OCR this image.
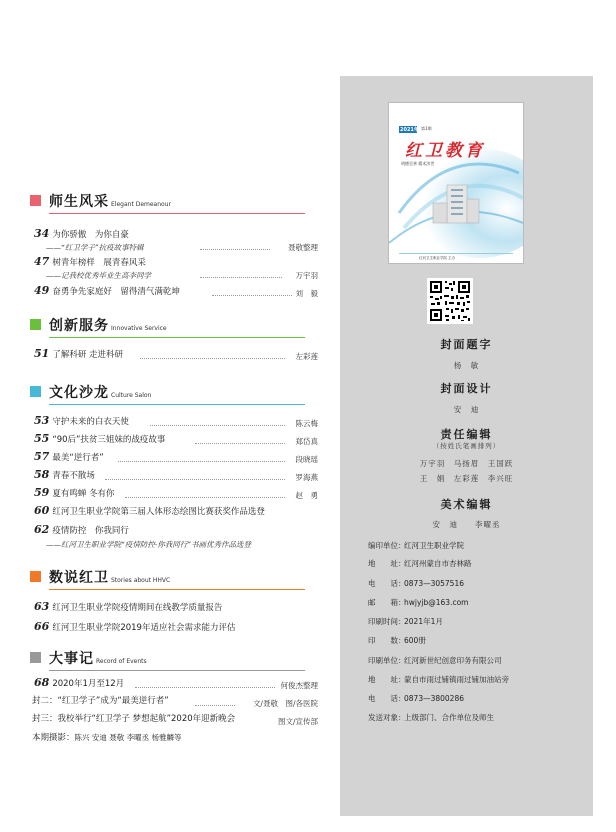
师生风采 Elegant Demeanour
34 为你骄傲　为你自豪
——“红卫学子”抗疫故事特辑	聂敬整理
47 树青年榜样　展青春风采
——记我校优秀毕业生高李同学	万宇羽
49 奋勇争先家庭好　留得清气满乾坤	刘　毅
创新服务 Innovative Service
51 了解科研 走进科研	左彩莲
文化沙龙 Culture Salon
53 守护未来的白衣天使	陈云梅
55 “90后”扶贫三姐妹的战疫故事	郑岱真
57 最美“逆行者”	段晓瑶
58 青春不散场	罗海燕
59 夏有鸣蝉 冬有你	赵　勇
60 红河卫生职业学院第三届人体形态绘图比赛获奖作品选登
62 疫情防控　你我同行
——红河卫生职业学院“疫情防控·你我同行”书画优秀作品选登
数说红卫 Stories about HHVC
63 红河卫生职业学院疫情期间在线教学质量报告
66 红河卫生职业学院2019年适应社会需求能力评估
大事记 Record of Events
68 2020年1月至12月	何俊杰整理
封二：“红卫学子”成为“最美逆行者”	文/聂敬　图/各医院
封三：我校举行“红卫学子 梦想起航”2020年迎新晚会	图文/宣传部
本期摄影：陈兴 安迪 聂敬 李曜丞 杨雅麟等
2021年 第1期
红卫教育
明德至善 精术济世
红河卫生职业学院 主办
封面题字
杨　敏
封面设计
安　迪
责任编辑
（按姓氏笔画排列）
万宇羽　马扬眉　王国跃
王　娟　左彩莲　李兴旺
美术编辑
安　迪　　李曜丞
编印单位：红河卫生职业学院
地　　址：红河州蒙自市杏林路
电　　话：0873—3057516
邮　　箱：hwjyjb@163.com
印刷时间：2021年1月
印　　数：600册
印刷单位：红河新世纪创意印务有限公司
地　　址：蒙自市雨过铺镇雨过铺加油站旁
电　　话：0873—3800286
发送对象：上级部门、合作单位及师生
